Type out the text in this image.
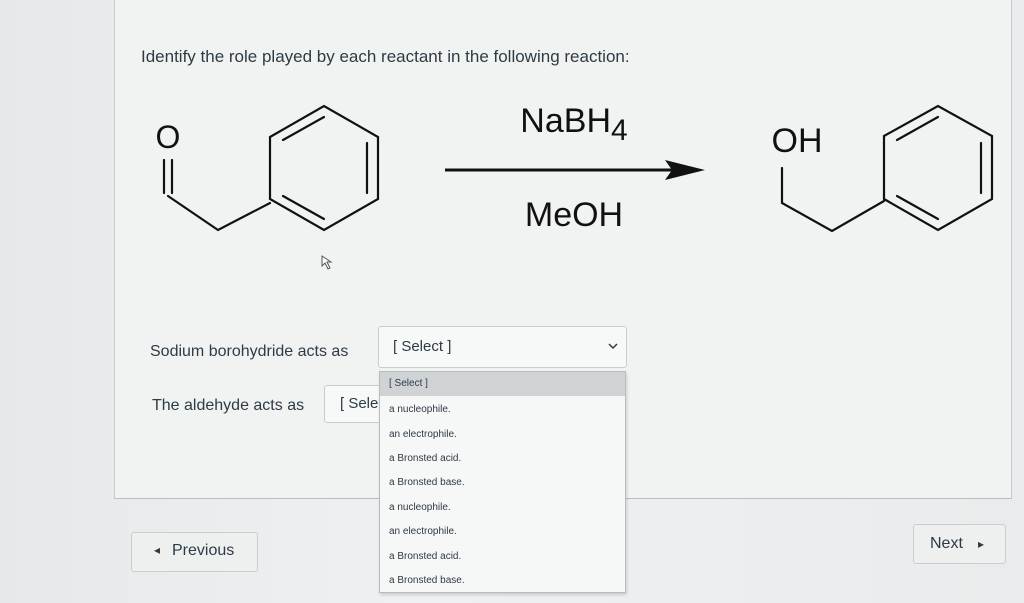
Identify the role played by each reactant in the following reaction:
O	NaBH4
MeOH
OH
Sodium borohydride acts as	[ Select ]
The aldehyde acts as [ Sele
[ Select ]
a nucleophile.
an electrophile.
a Bronsted acid.
a Bronsted base.
a nucleophile.
an electrophile.
a Bronsted acid.
a Bronsted base.
◂ Previous	Next ▸
